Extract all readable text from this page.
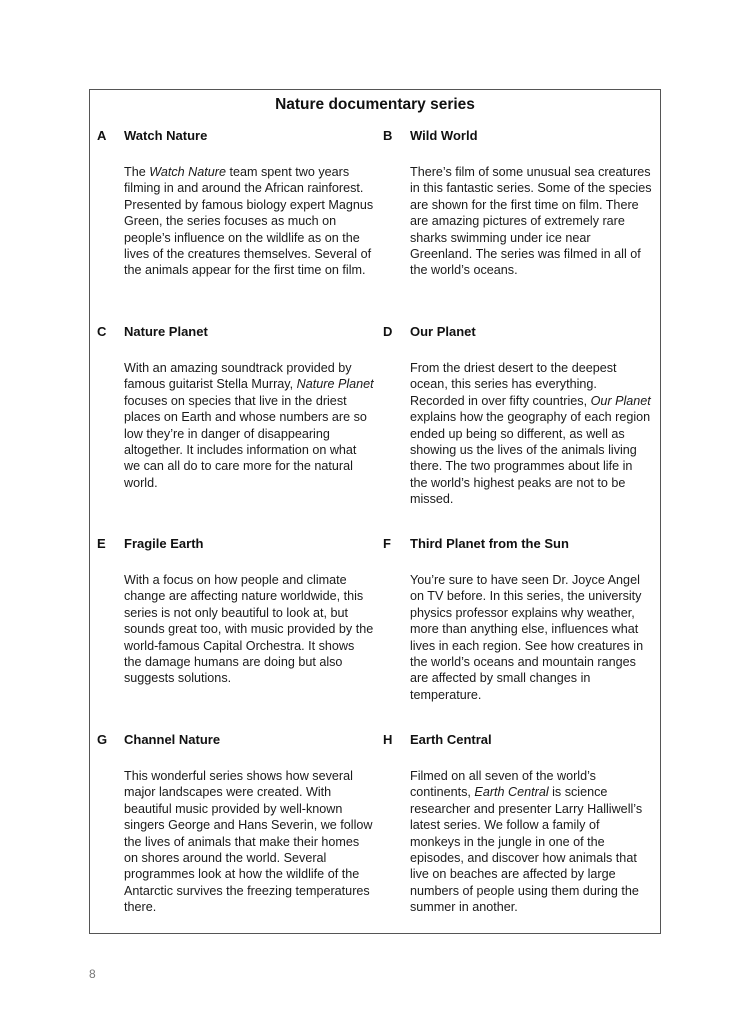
Nature documentary series
A	Watch Nature
The Watch Nature team spent two years filming in and around the African rainforest. Presented by famous biology expert Magnus Green, the series focuses as much on people’s influence on the wildlife as on the lives of the creatures themselves. Several of the animals appear for the first time on film.
B	Wild World
There’s film of some unusual sea creatures in this fantastic series. Some of the species are shown for the first time on film. There are amazing pictures of extremely rare sharks swimming under ice near Greenland. The series was filmed in all of the world’s oceans.
C	Nature Planet
With an amazing soundtrack provided by famous guitarist Stella Murray, Nature Planet focuses on species that live in the driest places on Earth and whose numbers are so low they’re in danger of disappearing altogether. It includes information on what we can all do to care more for the natural world.
D	Our Planet
From the driest desert to the deepest ocean, this series has everything. Recorded in over fifty countries, Our Planet explains how the geography of each region ended up being so different, as well as showing us the lives of the animals living there. The two programmes about life in the world’s highest peaks are not to be missed.
E	Fragile Earth
With a focus on how people and climate change are affecting nature worldwide, this series is not only beautiful to look at, but sounds great too, with music provided by the world-famous Capital Orchestra. It shows the damage humans are doing but also suggests solutions.
F	Third Planet from the Sun
You’re sure to have seen Dr. Joyce Angel on TV before. In this series, the university physics professor explains why weather, more than anything else, influences what lives in each region. See how creatures in the world’s oceans and mountain ranges are affected by small changes in temperature.
G	Channel Nature
This wonderful series shows how several major landscapes were created. With beautiful music provided by well-known singers George and Hans Severin, we follow the lives of animals that make their homes on shores around the world. Several programmes look at how the wildlife of the Antarctic survives the freezing temperatures there.
H	Earth Central
Filmed on all seven of the world’s continents, Earth Central is science researcher and presenter Larry Halliwell’s latest series. We follow a family of monkeys in the jungle in one of the episodes, and discover how animals that live on beaches are affected by large numbers of people using them during the summer in another.
8
